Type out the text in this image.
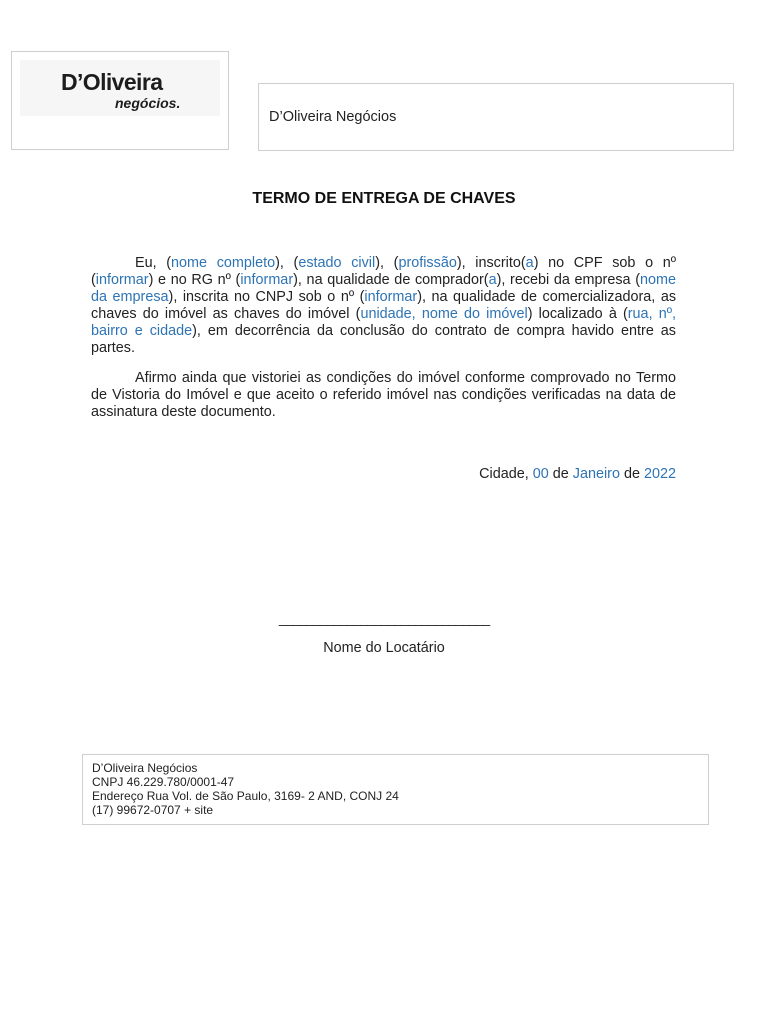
D’Oliveira
negócios.
D’Oliveira Negócios
TERMO DE ENTREGA DE CHAVES

Eu, (nome completo), (estado civil), (profissão), inscrito(a) no CPF sob o nº (informar) e no RG nº (informar), na qualidade de comprador(a), recebi da empresa (nome da empresa), inscrita no CNPJ sob o nº (informar), na qualidade de comercializadora, as chaves do imóvel as chaves do imóvel (unidade, nome do imóvel) localizado à (rua, nº, bairro e cidade), em decorrência da conclusão do contrato de compra havido entre as partes.

Afirmo ainda que vistoriei as condições do imóvel conforme comprovado no Termo de Vistoria do Imóvel e que aceito o referido imóvel nas condições verificadas na data de assinatura deste documento.

Cidade, 00 de Janeiro de 2022
_______________________________
Nome do Locatário
D’Oliveira Negócios
CNPJ 46.229.780/0001-47
Endereço Rua Vol. de São Paulo, 3169- 2 AND, CONJ 24
(17) 99672-0707 + site
